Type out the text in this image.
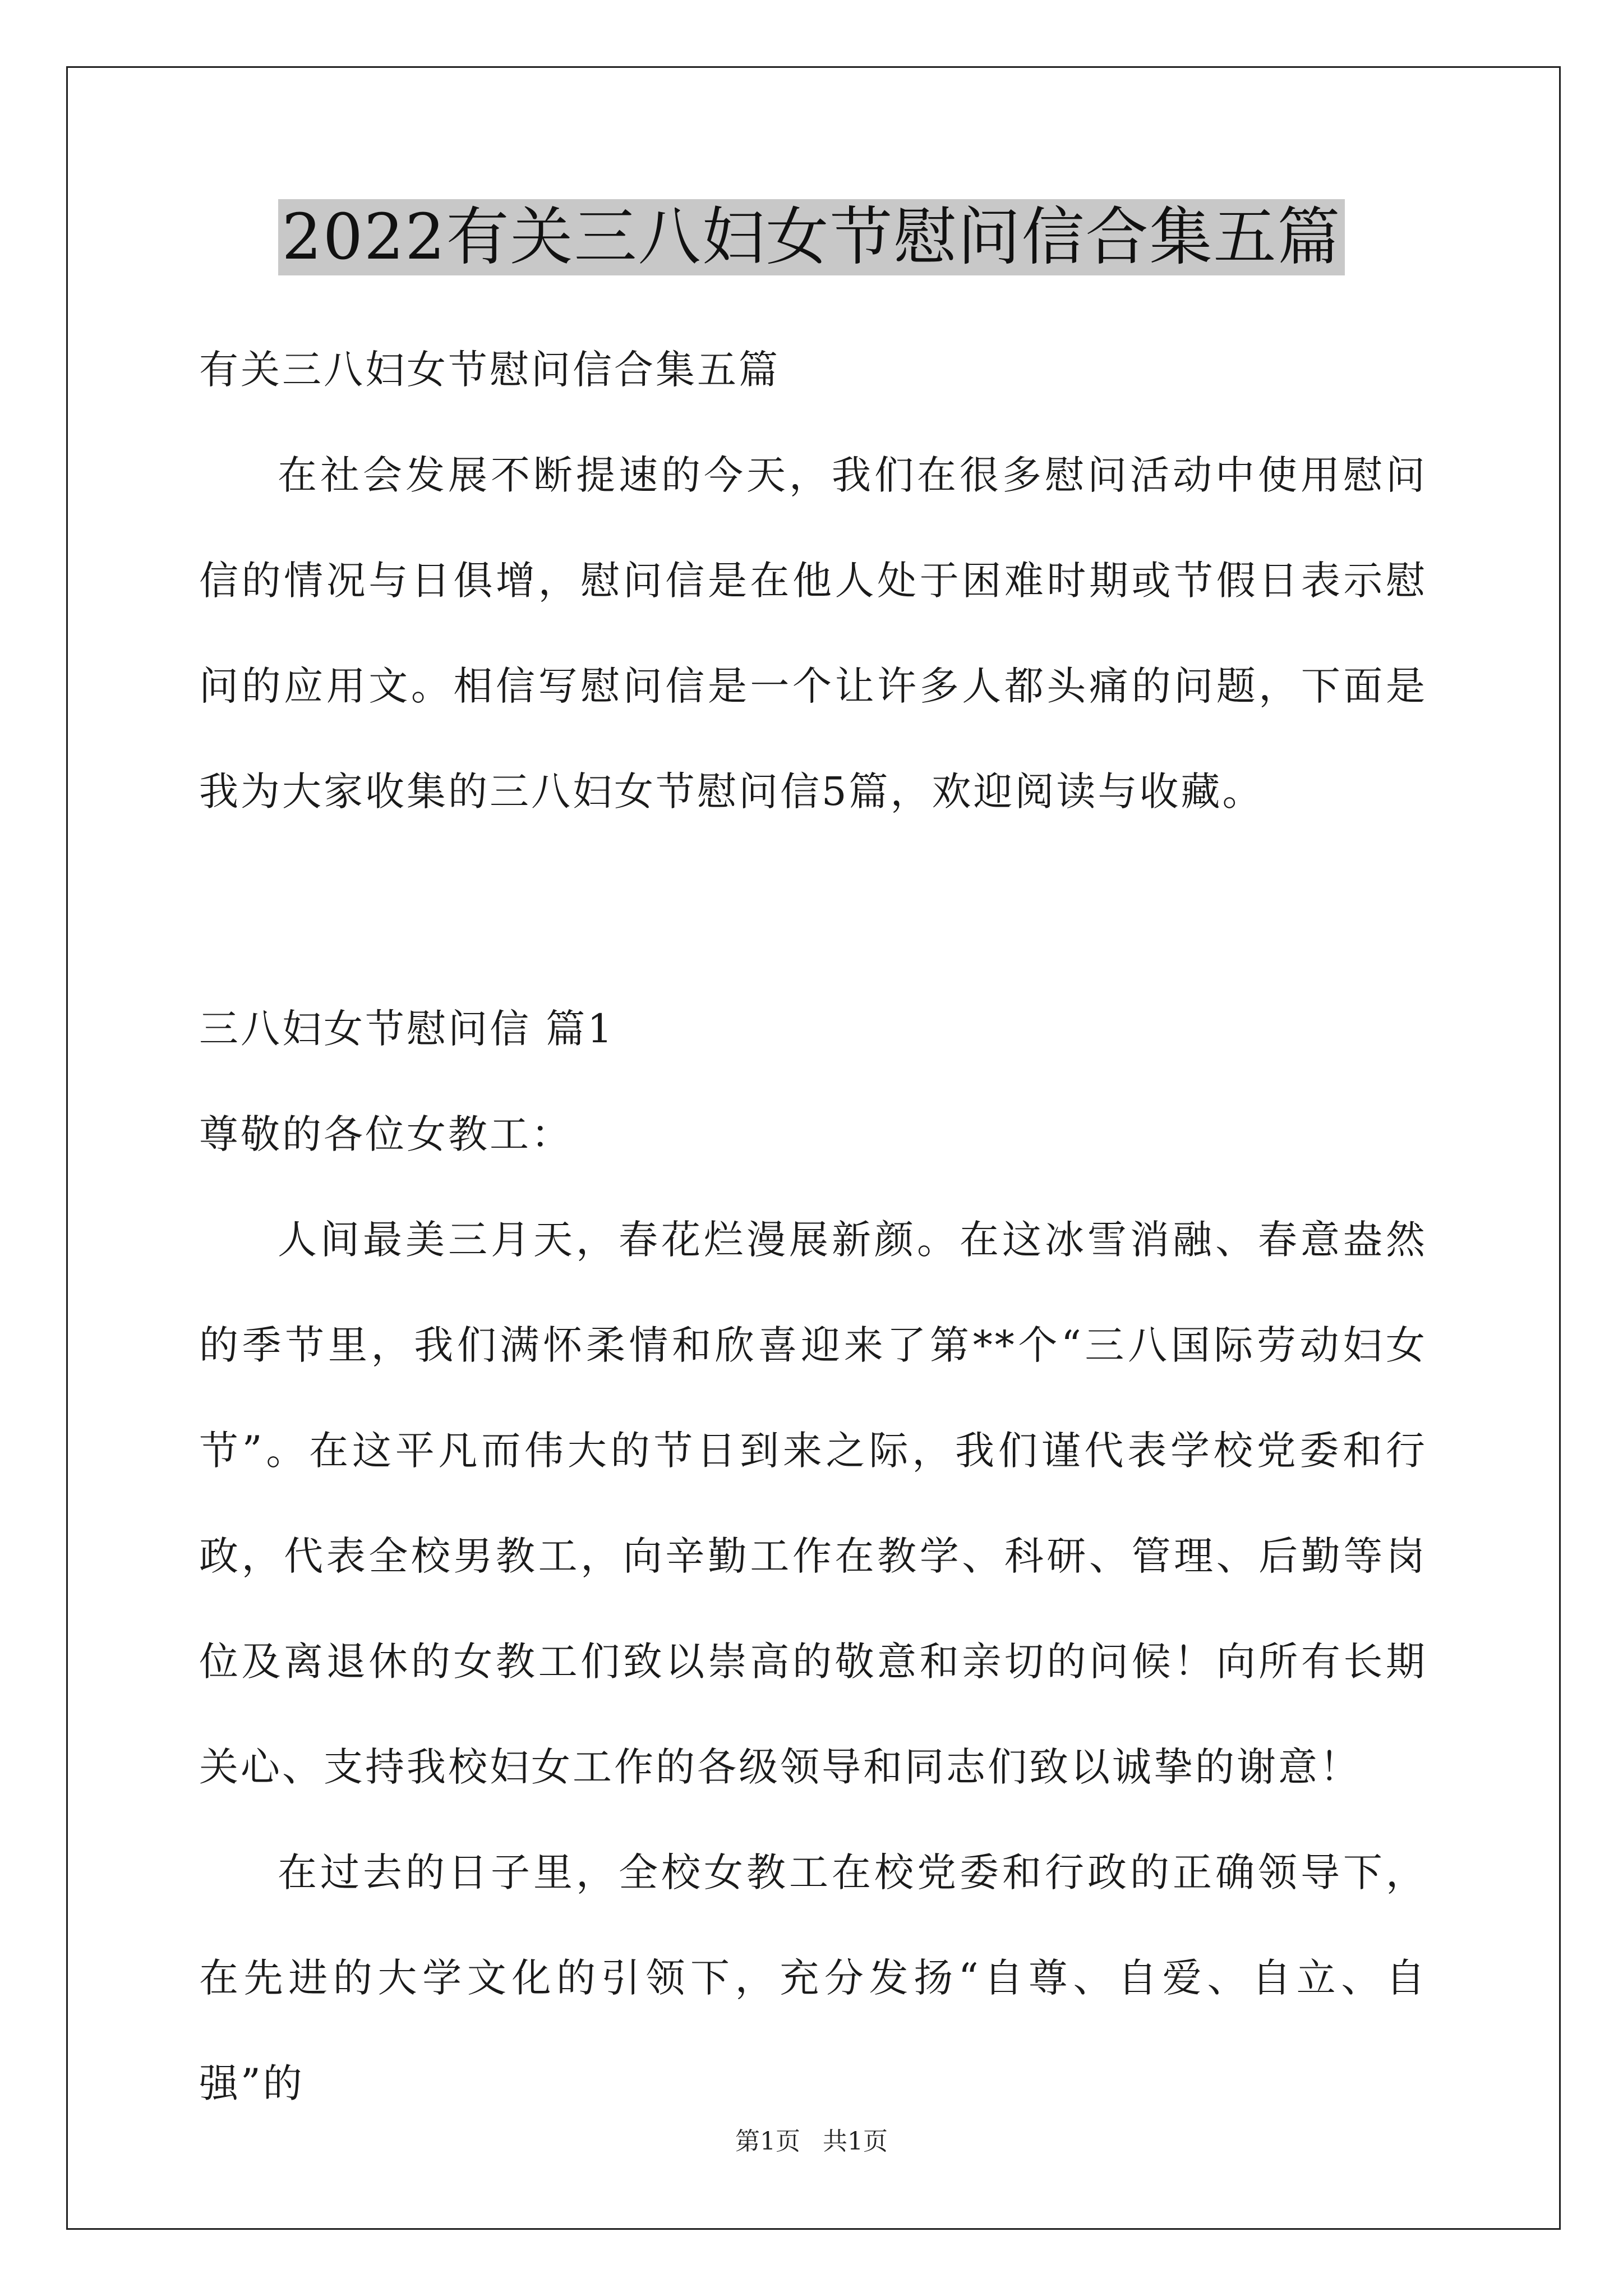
2022有关三八妇女节慰问信合集五篇

有关三八妇女节慰问信合集五篇

在社会发展不断提速的今天，我们在很多慰问活动中使用慰问信的情况与日俱增，慰问信是在他人处于困难时期或节假日表示慰问的应用文。相信写慰问信是一个让许多人都头痛的问题，下面是我为大家收集的三八妇女节慰问信5篇，欢迎阅读与收藏。

三八妇女节慰问信 篇1

尊敬的各位女教工：

人间最美三月天，春花烂漫展新颜。在这冰雪消融、春意盎然的季节里，我们满怀柔情和欣喜迎来了第**个“三八国际劳动妇女节”。在这平凡而伟大的节日到来之际，我们谨代表学校党委和行政，代表全校男教工，向辛勤工作在教学、科研、管理、后勤等岗位及离退休的女教工们致以崇高的敬意和亲切的问候！向所有长期关心、支持我校妇女工作的各级领导和同志们致以诚挚的谢意！

在过去的日子里，全校女教工在校党委和行政的正确领导下，在先进的大学文化的引领下，充分发扬“自尊、自爱、自立、自强”的

第1页 共1页
